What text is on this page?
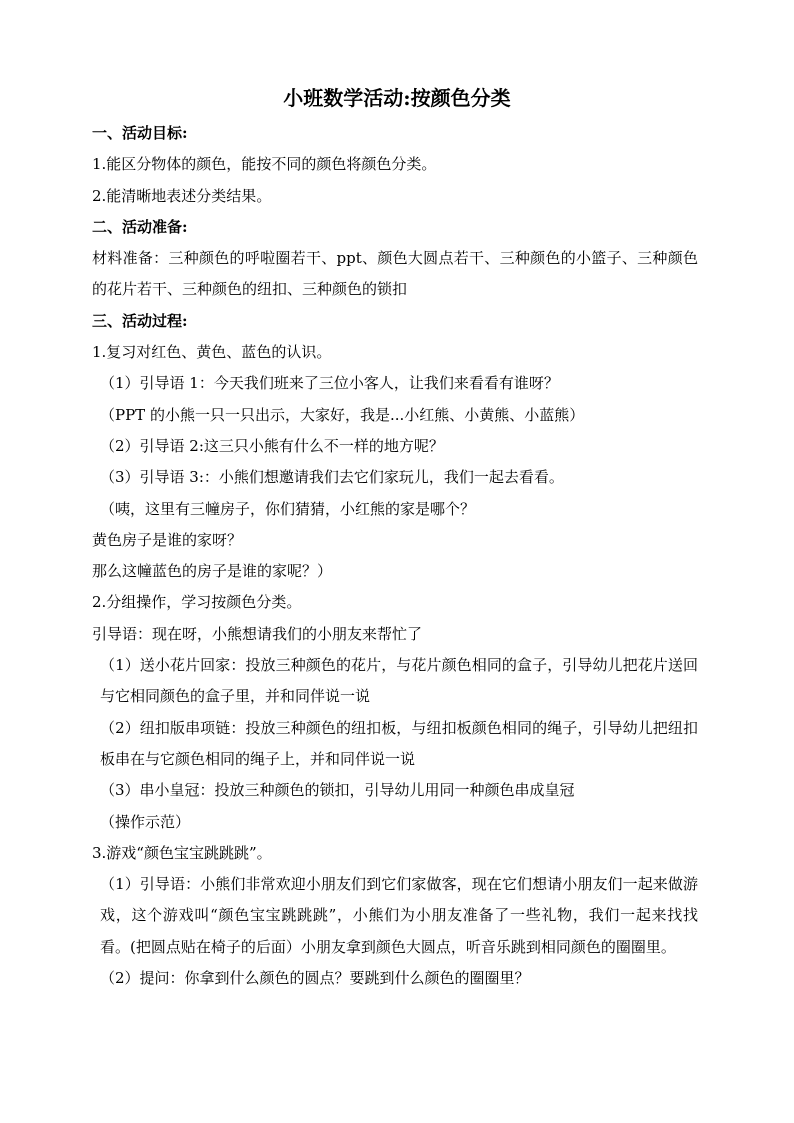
小班数学活动:按颜色分类

一、活动目标:

1.能区分物体的颜色，能按不同的颜色将颜色分类。

2.能清晰地表述分类结果。

二、活动准备:

材料准备：三种颜色的呼啦圈若干、ppt、颜色大圆点若干、三种颜色的小篮子、三种颜色的花片若干、三种颜色的纽扣、三种颜色的锁扣

三、活动过程:

1.复习对红色、黄色、蓝色的认识。

（1）引导语 1：今天我们班来了三位小客人，让我们来看看有谁呀？

（PPT 的小熊一只一只出示，大家好，我是...小红熊、小黄熊、小蓝熊）

（2）引导语 2:这三只小熊有什么不一样的地方呢？

（3）引导语 3:：小熊们想邀请我们去它们家玩儿，我们一起去看看。

（咦，这里有三幢房子，你们猜猜，小红熊的家是哪个？

黄色房子是谁的家呀？

那么这幢蓝色的房子是谁的家呢？）

2.分组操作，学习按颜色分类。

引导语：现在呀，小熊想请我们的小朋友来帮忙了

（1）送小花片回家：投放三种颜色的花片，与花片颜色相同的盒子，引导幼儿把花片送回与它相同颜色的盒子里，并和同伴说一说

（2）纽扣版串项链：投放三种颜色的纽扣板，与纽扣板颜色相同的绳子，引导幼儿把纽扣板串在与它颜色相同的绳子上，并和同伴说一说

（3）串小皇冠：投放三种颜色的锁扣，引导幼儿用同一种颜色串成皇冠

（操作示范）

3.游戏“颜色宝宝跳跳跳”。

（1）引导语：小熊们非常欢迎小朋友们到它们家做客，现在它们想请小朋友们一起来做游戏，这个游戏叫“颜色宝宝跳跳跳”，小熊们为小朋友准备了一些礼物，我们一起来找找看。(把圆点贴在椅子的后面）小朋友拿到颜色大圆点，听音乐跳到相同颜色的圈圈里。

（2）提问：你拿到什么颜色的圆点？要跳到什么颜色的圈圈里？
